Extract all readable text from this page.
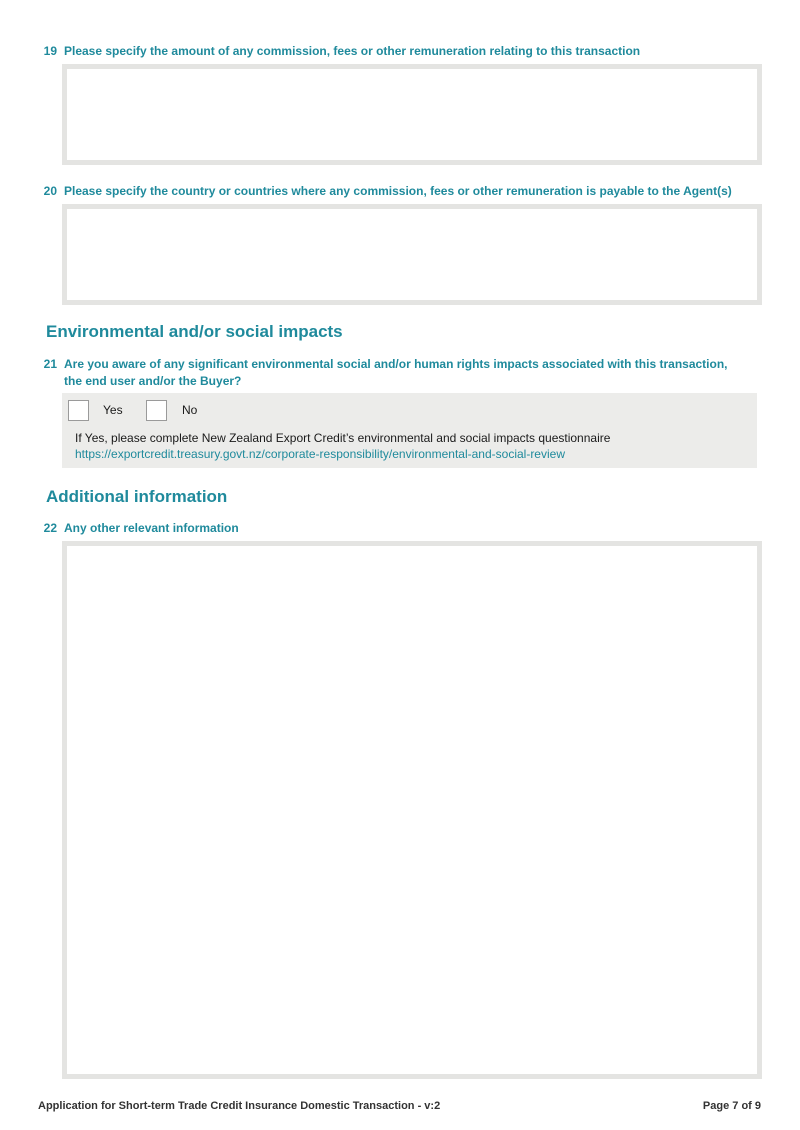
19 Please specify the amount of any commission, fees or other remuneration relating to this transaction
20 Please specify the country or countries where any commission, fees or other remuneration is payable to the Agent(s)
Environmental and/or social impacts
21 Are you aware of any significant environmental social and/or human rights impacts associated with this transaction,
the end user and/or the Buyer?
Yes	No
If Yes, please complete New Zealand Export Credit’s environmental and social impacts questionnaire
https://exportcredit.treasury.govt.nz/corporate-responsibility/environmental-and-social-review
Additional information
22 Any other relevant information
Application for Short-term Trade Credit Insurance Domestic Transaction - v:2	Page 7 of 9
